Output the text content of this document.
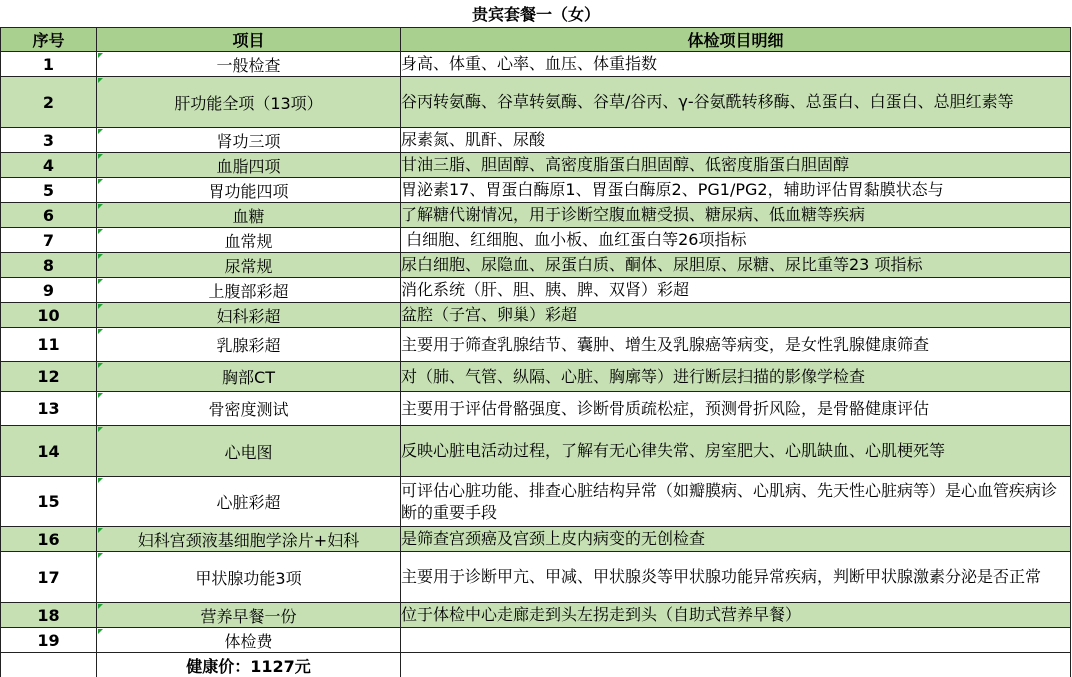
贵宾套餐一（女）
序号	项目	体检项目明细
1	一般检查	身高、体重、心率、血压、体重指数

2	肝功能全项（13项）	谷丙转氨酶、谷草转氨酶、谷草/谷丙、γ-谷氨酰转移酶、总蛋白、白蛋白、总胆红素等

3	肾功三项	尿素氮、肌酐、尿酸

4	血脂四项	甘油三脂、胆固醇、高密度脂蛋白胆固醇、低密度脂蛋白胆固醇

5	胃功能四项	胃泌素17、胃蛋白酶原1、胃蛋白酶原2、PG1/PG2，辅助评估胃黏膜状态与

6	血糖	了解糖代谢情况，用于诊断空腹血糖受损、糖尿病、低血糖等疾病

7	血常规	白细胞、红细胞、血小板、血红蛋白等26项指标

8	尿常规	尿白细胞、尿隐血、尿蛋白质、酮体、尿胆原、尿糖、尿比重等23 项指标

9	上腹部彩超	消化系统（肝、胆、胰、脾、双肾）彩超

10	妇科彩超	盆腔（子宫、卵巢）彩超

11	乳腺彩超	主要用于筛查乳腺结节、囊肿、增生及乳腺癌等病变，是女性乳腺健康筛查

12	胸部CT	对（肺、气管、纵隔、心脏、胸廓等）进行断层扫描的影像学检查

13	骨密度测试	主要用于评估骨骼强度、诊断骨质疏松症，预测骨折风险，是骨骼健康评估

14	心电图	反映心脏电活动过程，了解有无心律失常、房室肥大、心肌缺血、心肌梗死等

15	心脏彩超	可评估心脏功能、排查心脏结构异常（如瓣膜病、心肌病、先天性心脏病等）是心血管疾病诊断的重要手段

16	妇科宫颈液基细胞学涂片+妇科	是筛查宫颈癌及宫颈上皮内病变的无创检查

17	甲状腺功能3项	主要用于诊断甲亢、甲减、甲状腺炎等甲状腺功能异常疾病，判断甲状腺激素分泌是否正常

18	营养早餐一份	位于体检中心走廊走到头左拐走到头（自助式营养早餐）

19	体检费	

	健康价：1127元	
